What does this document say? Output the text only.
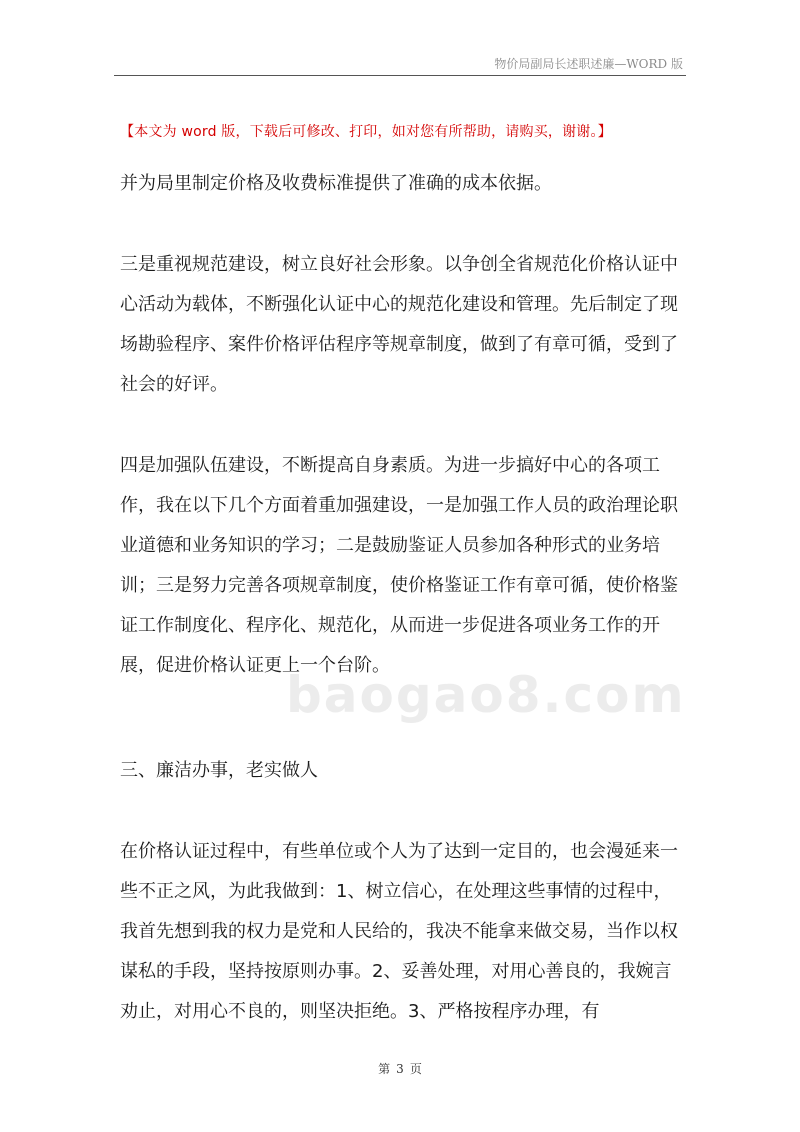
物价局副局长述职述廉—WORD 版
【本文为 word 版，下载后可修改、打印，如对您有所帮助，请购买，谢谢。】
并为局里制定价格及收费标准提供了准确的成本依据。
三是重视规范建设，树立良好社会形象。以争创全省规范化价格认证中心活动为载体，不断强化认证中心的规范化建设和管理。先后制定了现场勘验程序、案件价格评估程序等规章制度，做到了有章可循，受到了社会的好评。
四是加强队伍建设，不断提高自身素质。为进一步搞好中心的各项工作，我在以下几个方面着重加强建设，一是加强工作人员的政治理论职业道德和业务知识的学习；二是鼓励鉴证人员参加各种形式的业务培训；三是努力完善各项规章制度，使价格鉴证工作有章可循，使价格鉴证工作制度化、程序化、规范化，从而进一步促进各项业务工作的开展，促进价格认证更上一个台阶。
三、廉洁办事，老实做人
在价格认证过程中，有些单位或个人为了达到一定目的，也会漫延来一些不正之风，为此我做到：1、树立信心，在处理这些事情的过程中，我首先想到我的权力是党和人民给的，我决不能拿来做交易，当作以权谋私的手段，坚持按原则办事。2、妥善处理，对用心善良的，我婉言劝止，对用心不良的，则坚决拒绝。3、严格按程序办理，有
baogao8.com
第 3 页
